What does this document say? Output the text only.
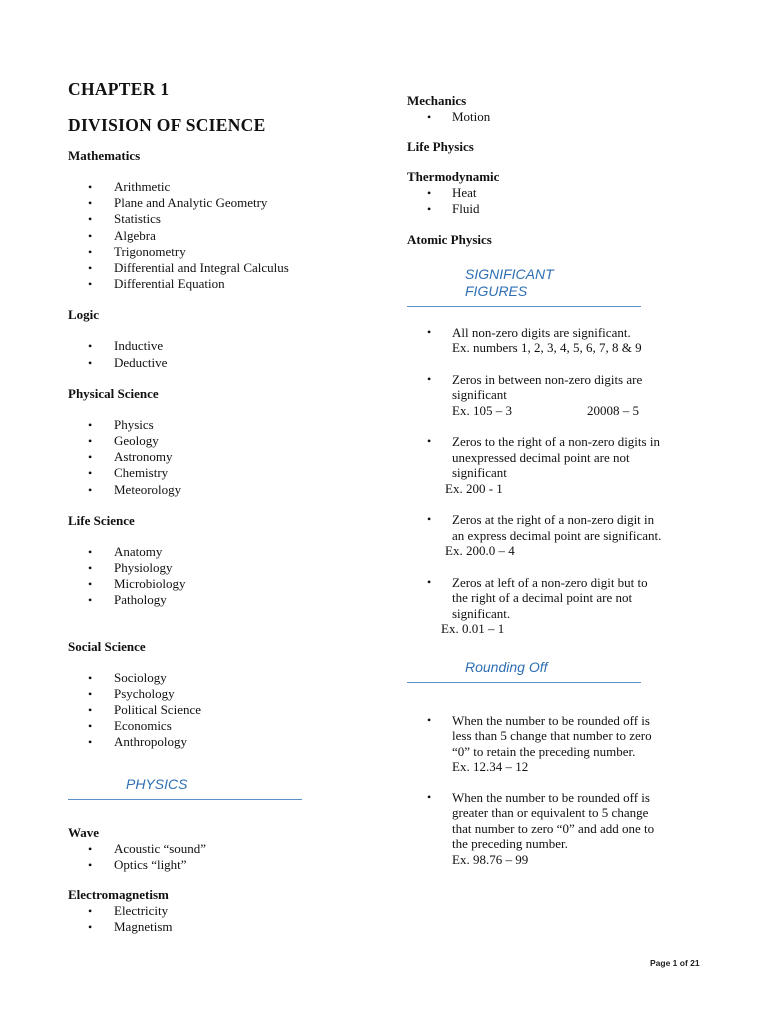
CHAPTER 1
DIVISION OF SCIENCE

Mathematics

• Arithmetic
• Plane and Analytic Geometry
• Statistics
• Algebra
• Trigonometry
• Differential and Integral Calculus
• Differential Equation

Logic

• Inductive
• Deductive

Physical Science

• Physics
• Geology
• Astronomy
• Chemistry
• Meteorology

Life Science

• Anatomy
• Physiology
• Microbiology
• Pathology

Social Science

• Sociology
• Psychology
• Political Science
• Economics
• Anthropology
PHYSICS

Wave

• Acoustic “sound”
• Optics “light”

Electromagnetism

• Electricity
• Magnetism

Mechanics

• Motion

Life Physics

Thermodynamic

• Heat
• Fluid

Atomic Physics

SIGNIFICANT
FIGURES
• All non-zero digits are significant.
Ex. numbers 1, 2, 3, 4, 5, 6, 7, 8 & 9
• Zeros in between non-zero digits are
significant
Ex. 105 – 3	20008 – 5
• Zeros to the right of a non-zero digits in
unexpressed decimal point are not
significant
Ex. 200 - 1
• Zeros at the right of a non-zero digit in
an express decimal point are significant.
Ex. 200.0 – 4
• Zeros at left of a non-zero digit but to
the right of a decimal point are not
significant.
Ex. 0.01 – 1
Rounding Off
• When the number to be rounded off is
less than 5 change that number to zero
“0” to retain the preceding number.
Ex. 12.34 – 12
• When the number to be rounded off is
greater than or equivalent to 5 change
that number to zero “0” and add one to
the preceding number.
Ex. 98.76 – 99
Page 1 of 21
